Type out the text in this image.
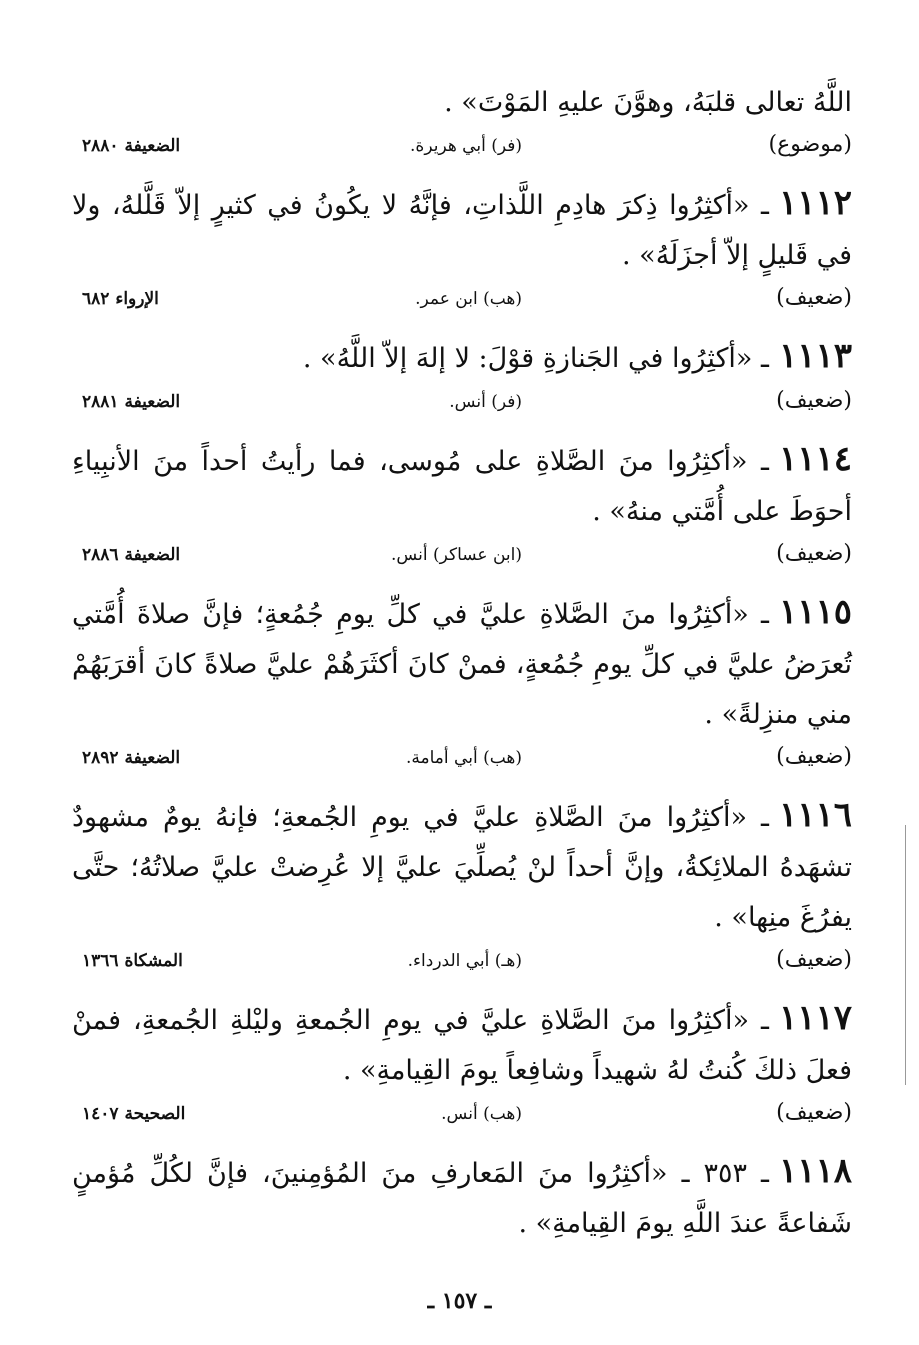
اللَّهُ تعالى قلبَهُ، وهوَّنَ عليهِ المَوْتَ» .
(موضوع)
(فر) أبي هريرة.
الضعيفة ٢٨٨٠
١١١٢ـ «أكثِرُوا ذِكرَ هادِمِ اللَّذاتِ، فإنَّهُ لا يكُونُ في كثيرٍ إلاّ قَلَّلهُ، ولا في قَليلٍ إلاّ أجزَلَهُ» .
(ضعيف)
(هب) ابن عمر.
الإرواء ٦٨٢
١١١٣ـ «أكثِرُوا في الجَنازةِ قوْلَ: لا إلهَ إلاّ اللَّهُ» .
(ضعيف)
(فر) أنس.
الضعيفة ٢٨٨١
١١١٤ـ «أكثِرُوا منَ الصَّلاةِ على مُوسى، فما رأيتُ أحداً منَ الأنبِياءِ أحوَطَ على أُمَّتي منهُ» .
(ضعيف)
(ابن عساكر) أنس.
الضعيفة ٢٨٨٦
١١١٥ـ «أكثِرُوا منَ الصَّلاةِ عليَّ في كلِّ يومِ جُمُعةٍ؛ فإنَّ صلاةَ أُمَّتي تُعرَضُ عليَّ في كلِّ يومِ جُمُعةٍ، فمنْ كانَ أكثَرَهُمْ عليَّ صلاةً كانَ أقرَبَهُمْ مني منزِلةً» .
(ضعيف)
(هب) أبي أمامة.
الضعيفة ٢٨٩٢
١١١٦ـ «أكثِرُوا منَ الصَّلاةِ عليَّ في يومِ الجُمعةِ؛ فإنهُ يومٌ مشهودٌ تشهَدهُ الملائِكةُ، وإنَّ أحداً لنْ يُصلِّيَ عليَّ إلا عُرِضتْ عليَّ صلاتُهُ؛ حتَّى يفرُغَ منِها» .
(ضعيف)
(هـ) أبي الدرداء.
المشكاة ١٣٦٦
١١١٧ـ «أكثِرُوا منَ الصَّلاةِ عليَّ في يومِ الجُمعةِ وليْلةِ الجُمعةِ، فمنْ فعلَ ذلكَ كُنتُ لهُ شهيداً وشافِعاً يومَ القِيامةِ» .
(ضعيف)
(هب) أنس.
الصحيحة ١٤٠٧
١١١٨ـ ٣٥٣ ـ «أكثِرُوا منَ المَعارفِ منَ المُؤمِنينَ، فإنَّ لكُلِّ مُؤمنٍ شَفاعةً عندَ اللَّهِ يومَ القِيامةِ» .
ـ ١٥٧ ـ
